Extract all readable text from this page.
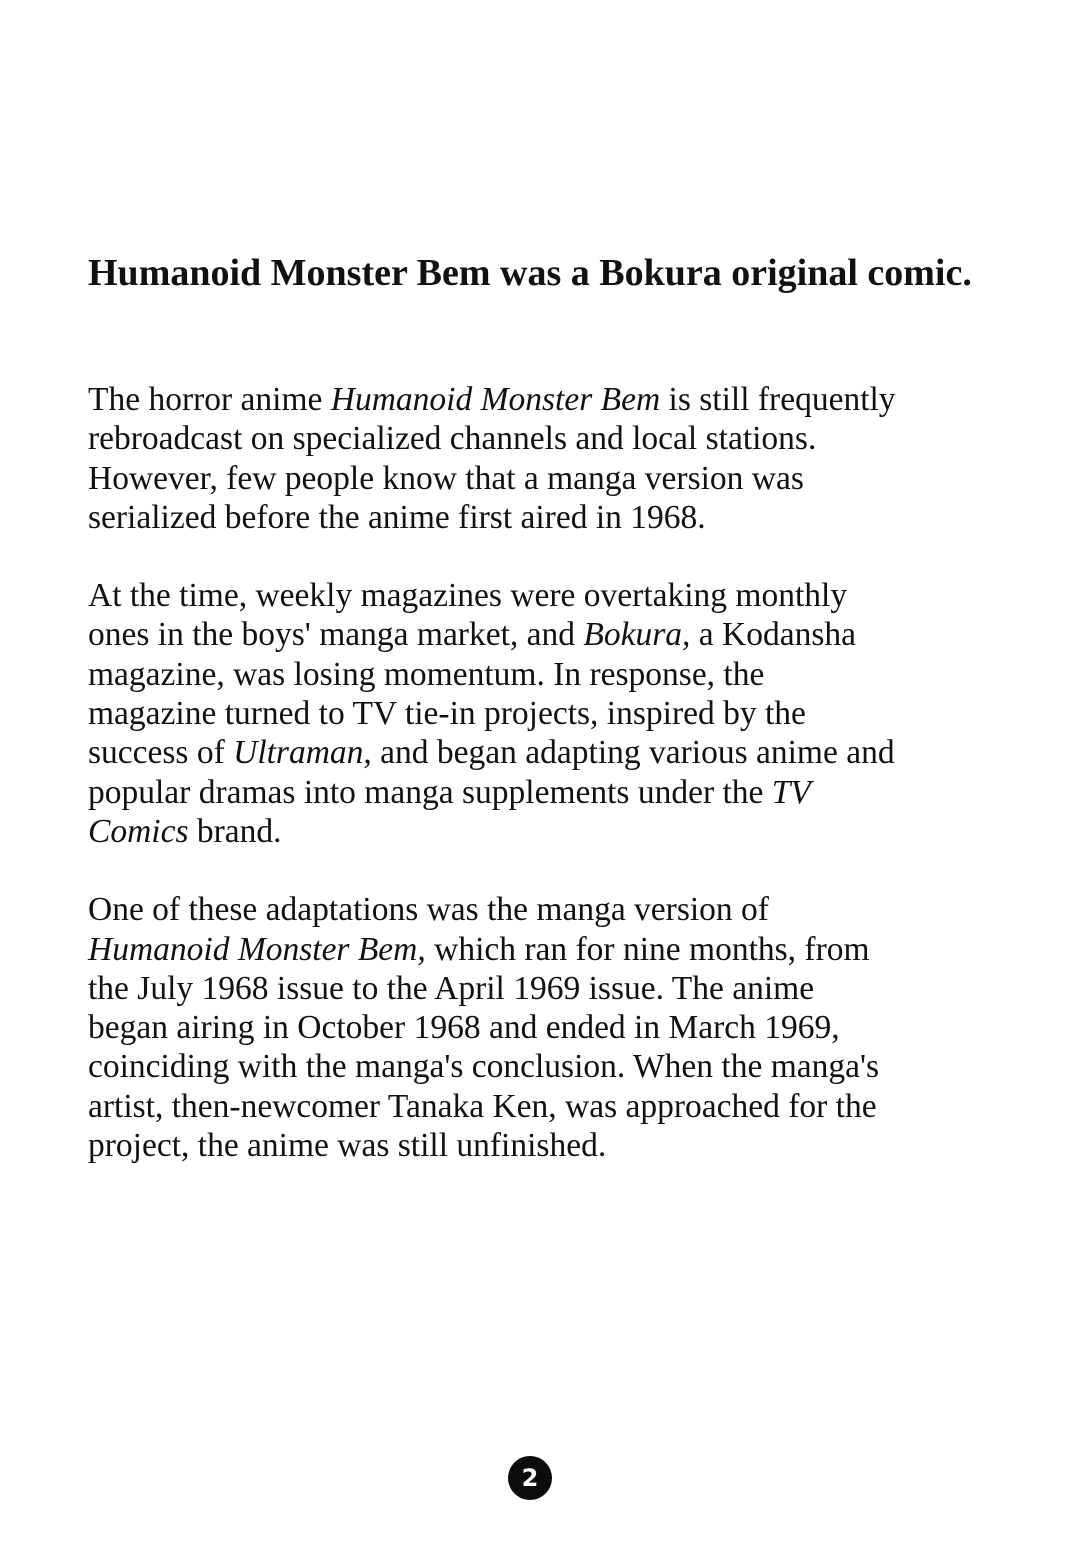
Humanoid Monster Bem was a Bokura original comic.

The horror anime Humanoid Monster Bem is still frequently
rebroadcast on specialized channels and local stations.
However, few people know that a manga version was
serialized before the anime first aired in 1968.

At the time, weekly magazines were overtaking monthly
ones in the boys' manga market, and Bokura, a Kodansha
magazine, was losing momentum. In response, the
magazine turned to TV tie-in projects, inspired by the
success of Ultraman, and began adapting various anime and
popular dramas into manga supplements under the TV
Comics brand.

One of these adaptations was the manga version of
Humanoid Monster Bem, which ran for nine months, from
the July 1968 issue to the April 1969 issue. The anime
began airing in October 1968 and ended in March 1969,
coinciding with the manga's conclusion. When the manga's
artist, then-newcomer Tanaka Ken, was approached for the
project, the anime was still unfinished.

2
